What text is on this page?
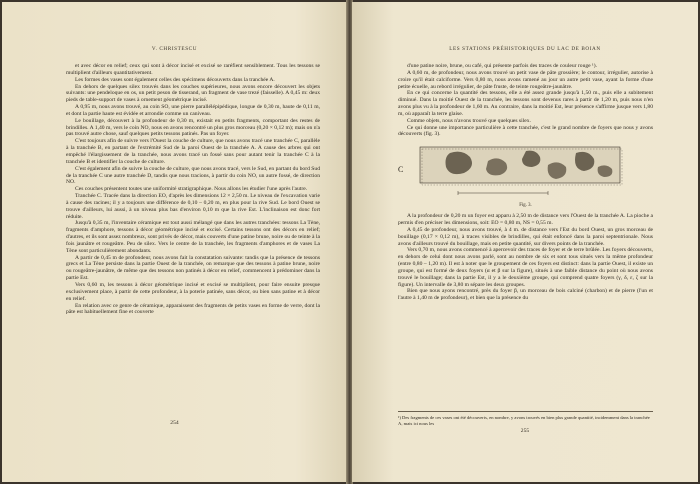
V. CHRISTESCU

et avec décor en relief; ceux qui sont à décor incisé et excisé se raréfient sensiblement. Tous les tessons se multiplient d'ailleurs quantitativement.

Les formes des vases sont également celles des spécimens découverts dans la tranchée A.

En dehors de quelques silex trouvés dans les couches supérieures, nous avons encore découvert les objets suivants: une pendeloque en os, un petit peson de tisserand, un fragment de vase trezé (faisselle). A 0,45 m: deux pieds de table-support de vases à ornement géométrique incisé.

A 0,95 m, nous avons trouvé, au coin SO, une pierre parallélépipédique, longue de 0,30 m, haute de 0,11 m, et dont la partie haute est évidée et arrondie comme un caniveau.

Le bouillage, découvert à la profondeur de 0,30 m, existait en petits fragments, comportant des restes de brindilles. A 1,40 m, vers le coin NO, nous en avons rencontré un plus gros morceau (0,20 × 0,12 m); mais on n'a pas trouvé autre chose, sauf quelques petits tessons patinés. Pas un foyer.

C'est toujours afin de suivre vers l'Ouest la couche de culture, que nous avons tracé une tranchée C, parallèle à la tranchée B, en partant de l'extrémité Sud de la paroi Ouest de la tranchée A. A cause des arbres qui ont empêché l'élargissement de la tranchée, nous avons tracé un fossé sans pour autant tenir la tranchée C à la tranchée B et identifier la couche de culture.

C'est également afin de suivre la couche de culture, que nous avons tracé, vers le Sud, en partant du bord Sud de la tranchée C une autre tranchée D, tandis que nous tracions, à partir du coin NO, un autre fossé, de direction NO.

Ces couches présentent toutes une uniformité stratigraphique. Nous allons les étudier l'une après l'autre.

Tranchée C. Tracée dans la direction EO, d'après les dimensions 12 × 2,50 m. Le niveau de l'excavation varie à cause des racines; il y a toujours une différence de 0,10 – 0,20 m, en plus pour la rive Sud. Le bord Ouest se trouve d'ailleurs, lui aussi, à un niveau plus bas d'environ 0,10 m que la rive Est. L'inclinaison est donc fort réduite.

Jusqu'à 0,35 m, l'inventaire céramique est tout aussi mélangé que dans les autres tranchées: tessons La Tène, fragments d'amphore, tessons à décor géométrique incisé et excisé. Certains tessons ont des décors en relief; d'autres, et ils sont assez nombreux, sont privés de décor, mais couverts d'une patine brune, noire ou de teinte à la fois jaunâtre et rougeâtre. Peu de silex. Vers le centre de la tranchée, les fragments d'amphores et de vases La Tène sont particulièrement abondants.

A partir de 0,45 m de profondeur, nous avons fait la constatation suivante: tandis que la présence de tessons grecs et La Tène persiste dans la partie Ouest de la tranchée, on remarque que des tessons à patine brune, noire ou rougeâtre-jaunâtre, de même que des tessons non patinés à décor en relief, commencent à prédominer dans la partie Est.

Vers 0,60 m, les tessons à décor géométrique incisé et excisé se multiplient, pour faire ensuite presque exclusivement place, à partir de cette profondeur, à la poterie patinée, sans décor, ou bien sans patine et à décor en relief.

En relation avec ce genre de céramique, apparaissent des fragments de petits vases en forme de verre, dont la pâte est habituellement fine et couverte

254
LES STATIONS PRÉHISTORIQUES DU LAC DE BOIAN

d'une patine noire, brune, ou café, qui présente parfois des traces de couleur rouge ¹).

A 0,60 m, de profondeur, nous avons trouvé un petit vase de pâte grossière; le contour, irrégulier, autorise à croire qu'il était calciforme. Vers 0,80 m, nous avons ramené au jour un autre petit vase, ayant la forme d'une petite écuelle, au rebord irrégulier, de pâte fruste, de teinte rougeâtre-jaunâtre.

En ce qui concerne la quantité des tessons, elle a été assez grande jusqu'à 1,50 m., puis elle a subitement diminué. Dans la moitié Ouest de la tranchée, les tessons sont devenus rares à partir de 1,20 m, puis nous n'en avons plus vu à la profondeur de 1,60 m. Au contraire, dans la moitié Est, leur présence s'affirme jusque vers 1,80 m, où apparaît la terre glaise.

Comme objets, nous n'avons trouvé que quelques silex.

Ce qui donne une importance particulière à cette tranchée, c'est le grand nombre de foyers que nous y avons découverts (fig. 3).

C
Fig. 3.

A la profondeur de 0,20 m un foyer est apparu à 2,50 m de distance vers l'Ouest de la tranchée A. La pioche a permis d'en préciser les dimensions, soit: EO = 0,80 m, NS = 0,55 m.

A 0,45 de profondeur, nous avons trouvé, à 4 m. de distance vers l'Est du bord Ouest, un gros morceau de bouillage (0,17 × 0,12 m), à traces visibles de brindilles, qui était enfoncé dans la paroi septentrionale. Nous avons d'ailleurs trouvé du bouillage, mais en petite quantité, sur divers points de la tranchée.

Vers 0,70 m, nous avons commencé à apercevoir des traces de foyer et de terre brûlée. Les foyers découverts, en dehors de celui dont nous avons parlé, sont au nombre de six et sont tous situés vers la même profondeur (entre 0,80 – 1,20 m). Il est à noter que le groupement de ces foyers est distinct: dans la partie Ouest, il existe un groupe, qui est formé de deux foyers (α et β sur la figure), situés à une faible distance du point où nous avons trouvé le bouillage; dans la partie Est, il y a le deuxième groupe, qui comprend quatre foyers (γ, δ, ε, ζ sur la figure). Un intervalle de 3,80 m sépare les deux groupes.

Bien que nous ayons rencontré, près du foyer β, un morceau de bois calciné (charbon) et de pierre (l'un et l'autre à 1,40 m de profondeur), et bien que la présence du

¹) Des fragments de ces vases ont été découverts, en nombre, y avons trouvés en bien plus grande quantité, incidemment dans la tranchée A, mais ici nous les
255
